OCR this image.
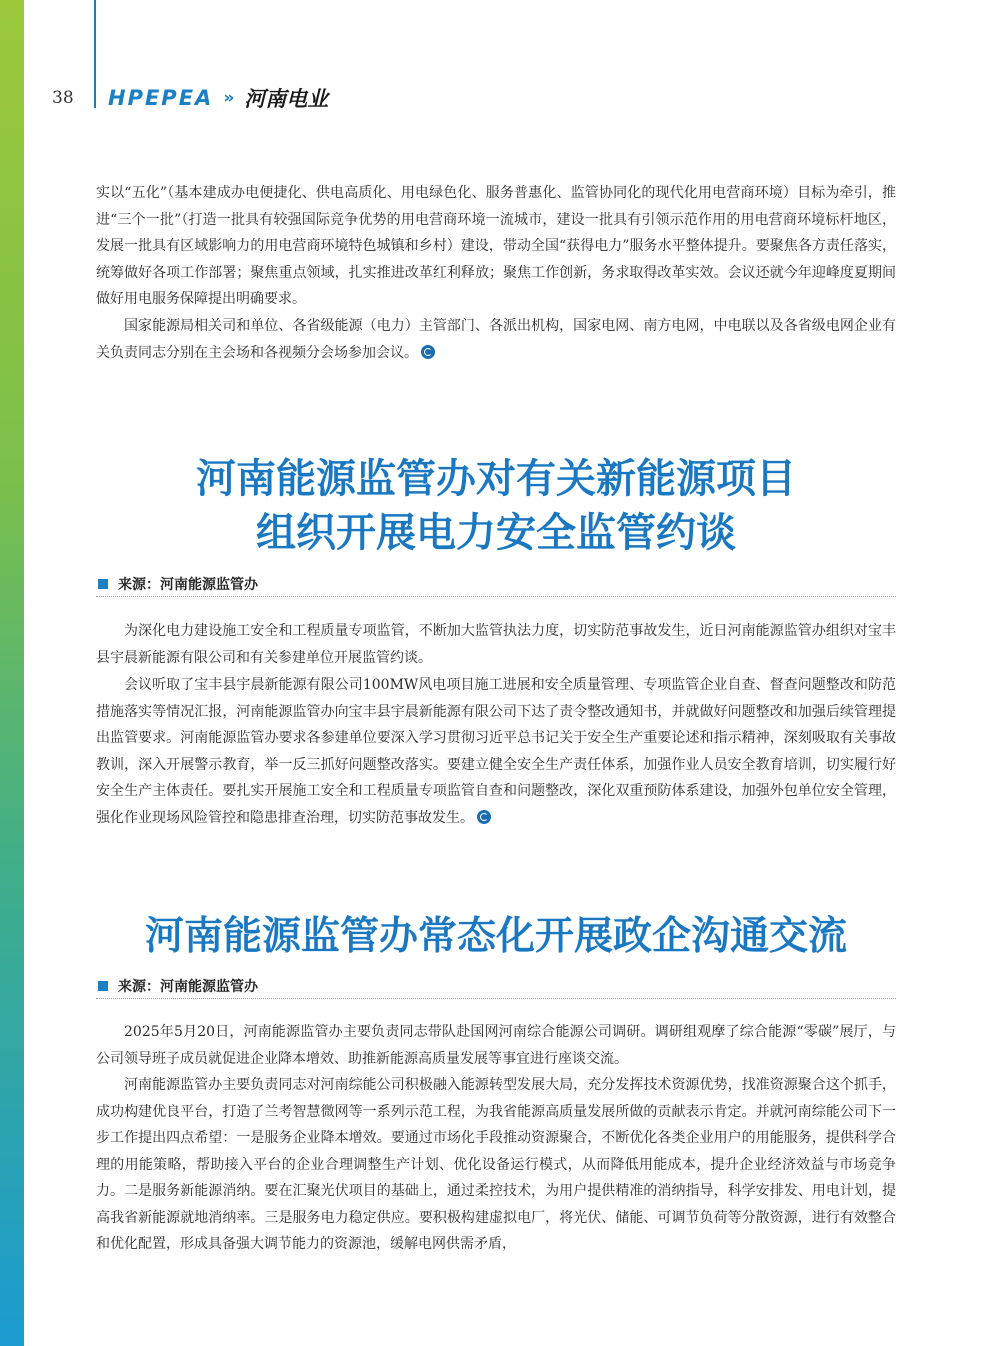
38 HPEPEA » 河南电业

实以“五化”（基本建成办电便捷化、供电高质化、用电绿色化、服务普惠化、监管协同化的现代化用电营商环境）目标为牵引，推进“三个一批”（打造一批具有较强国际竞争优势的用电营商环境一流城市，建设一批具有引领示范作用的用电营商环境标杆地区，发展一批具有区域影响力的用电营商环境特色城镇和乡村）建设，带动全国“获得电力”服务水平整体提升。要聚焦各方责任落实，统筹做好各项工作部署；聚焦重点领域，扎实推进改革红利释放；聚焦工作创新，务求取得改革实效。会议还就今年迎峰度夏期间做好用电服务保障提出明确要求。

国家能源局相关司和单位、各省级能源（电力）主管部门、各派出机构，国家电网、南方电网，中电联以及各省级电网企业有关负责同志分别在主会场和各视频分会场参加会议。

河南能源监管办对有关新能源项目
组织开展电力安全监管约谈
来源：河南能源监管办

为深化电力建设施工安全和工程质量专项监管，不断加大监管执法力度，切实防范事故发生，近日河南能源监管办组织对宝丰县宇晨新能源有限公司和有关参建单位开展监管约谈。

会议听取了宝丰县宇晨新能源有限公司100MW风电项目施工进展和安全质量管理、专项监管企业自查、督查问题整改和防范措施落实等情况汇报，河南能源监管办向宝丰县宇晨新能源有限公司下达了责令整改通知书，并就做好问题整改和加强后续管理提出监管要求。河南能源监管办要求各参建单位要深入学习贯彻习近平总书记关于安全生产重要论述和指示精神，深刻吸取有关事故教训，深入开展警示教育，举一反三抓好问题整改落实。要建立健全安全生产责任体系，加强作业人员安全教育培训，切实履行好安全生产主体责任。要扎实开展施工安全和工程质量专项监管自查和问题整改，深化双重预防体系建设，加强外包单位安全管理，强化作业现场风险管控和隐患排查治理，切实防范事故发生。

河南能源监管办常态化开展政企沟通交流
来源：河南能源监管办

2025年5月20日，河南能源监管办主要负责同志带队赴国网河南综合能源公司调研。调研组观摩了综合能源“零碳”展厅，与公司领导班子成员就促进企业降本增效、助推新能源高质量发展等事宜进行座谈交流。

河南能源监管办主要负责同志对河南综能公司积极融入能源转型发展大局，充分发挥技术资源优势，找准资源聚合这个抓手，成功构建优良平台，打造了兰考智慧微网等一系列示范工程，为我省能源高质量发展所做的贡献表示肯定。并就河南综能公司下一步工作提出四点希望：一是服务企业降本增效。要通过市场化手段推动资源聚合，不断优化各类企业用户的用能服务，提供科学合理的用能策略，帮助接入平台的企业合理调整生产计划、优化设备运行模式，从而降低用能成本，提升企业经济效益与市场竞争力。二是服务新能源消纳。要在汇聚光伏项目的基础上，通过柔控技术，为用户提供精准的消纳指导，科学安排发、用电计划，提高我省新能源就地消纳率。三是服务电力稳定供应。要积极构建虚拟电厂，将光伏、储能、可调节负荷等分散资源，进行有效整合和优化配置，形成具备强大调节能力的资源池，缓解电网供需矛盾，
